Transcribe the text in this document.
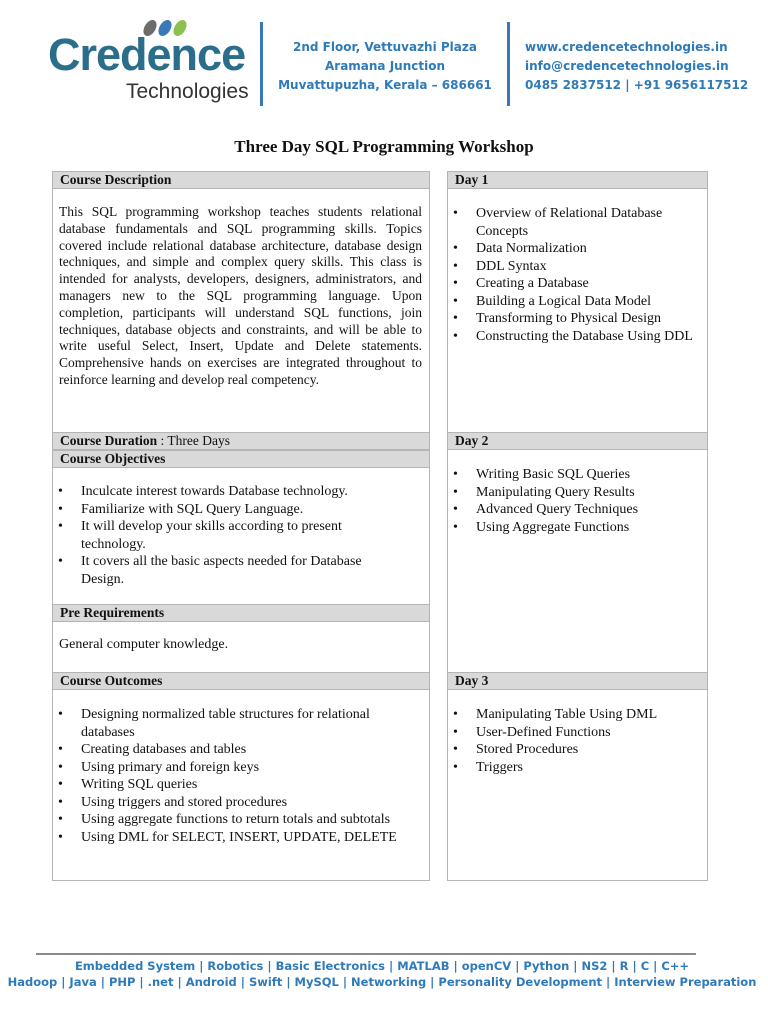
Credence
Technologies
2nd Floor, Vettuvazhi Plaza
Aramana Junction
Muvattupuzha, Kerala – 686661
www.credencetechnologies.in
info@credencetechnologies.in
0485 2837512 | +91 9656117512
Three Day SQL Programming Workshop
Course Description
This SQL programming workshop teaches students relational database fundamentals and SQL programming skills. Topics covered include relational database architecture, database design techniques, and simple and complex query skills. This class is intended for analysts, developers, designers, administrators, and managers new to the SQL programming language. Upon completion, participants will understand SQL functions, join techniques, database objects and constraints, and will be able to write useful Select, Insert, Update and Delete statements. Comprehensive hands on exercises are integrated throughout to reinforce learning and develop real competency.
Course Duration : Three Days
Course Objectives
• Inculcate interest towards Database technology.
• Familiarize with SQL Query Language.
• It will develop your skills according to present technology.
• It covers all the basic aspects needed for Database Design.
Pre Requirements
General computer knowledge.
Course Outcomes
• Designing normalized table structures for relational databases
• Creating databases and tables
• Using primary and foreign keys
• Writing SQL queries
• Using triggers and stored procedures
• Using aggregate functions to return totals and subtotals
• Using DML for SELECT, INSERT, UPDATE, DELETE
Day 1
• Overview of Relational Database Concepts
• Data Normalization
• DDL Syntax
• Creating a Database
• Building a Logical Data Model
• Transforming to Physical Design
• Constructing the Database Using DDL
Day 2
• Writing Basic SQL Queries
• Manipulating Query Results
• Advanced Query Techniques
• Using Aggregate Functions
Day 3
• Manipulating Table Using DML
• User-Defined Functions
• Stored Procedures
• Triggers
Embedded System | Robotics | Basic Electronics | MATLAB | openCV | Python | NS2 | R | C | C++
Hadoop | Java | PHP | .net | Android | Swift | MySQL | Networking | Personality Development | Interview Preparation
